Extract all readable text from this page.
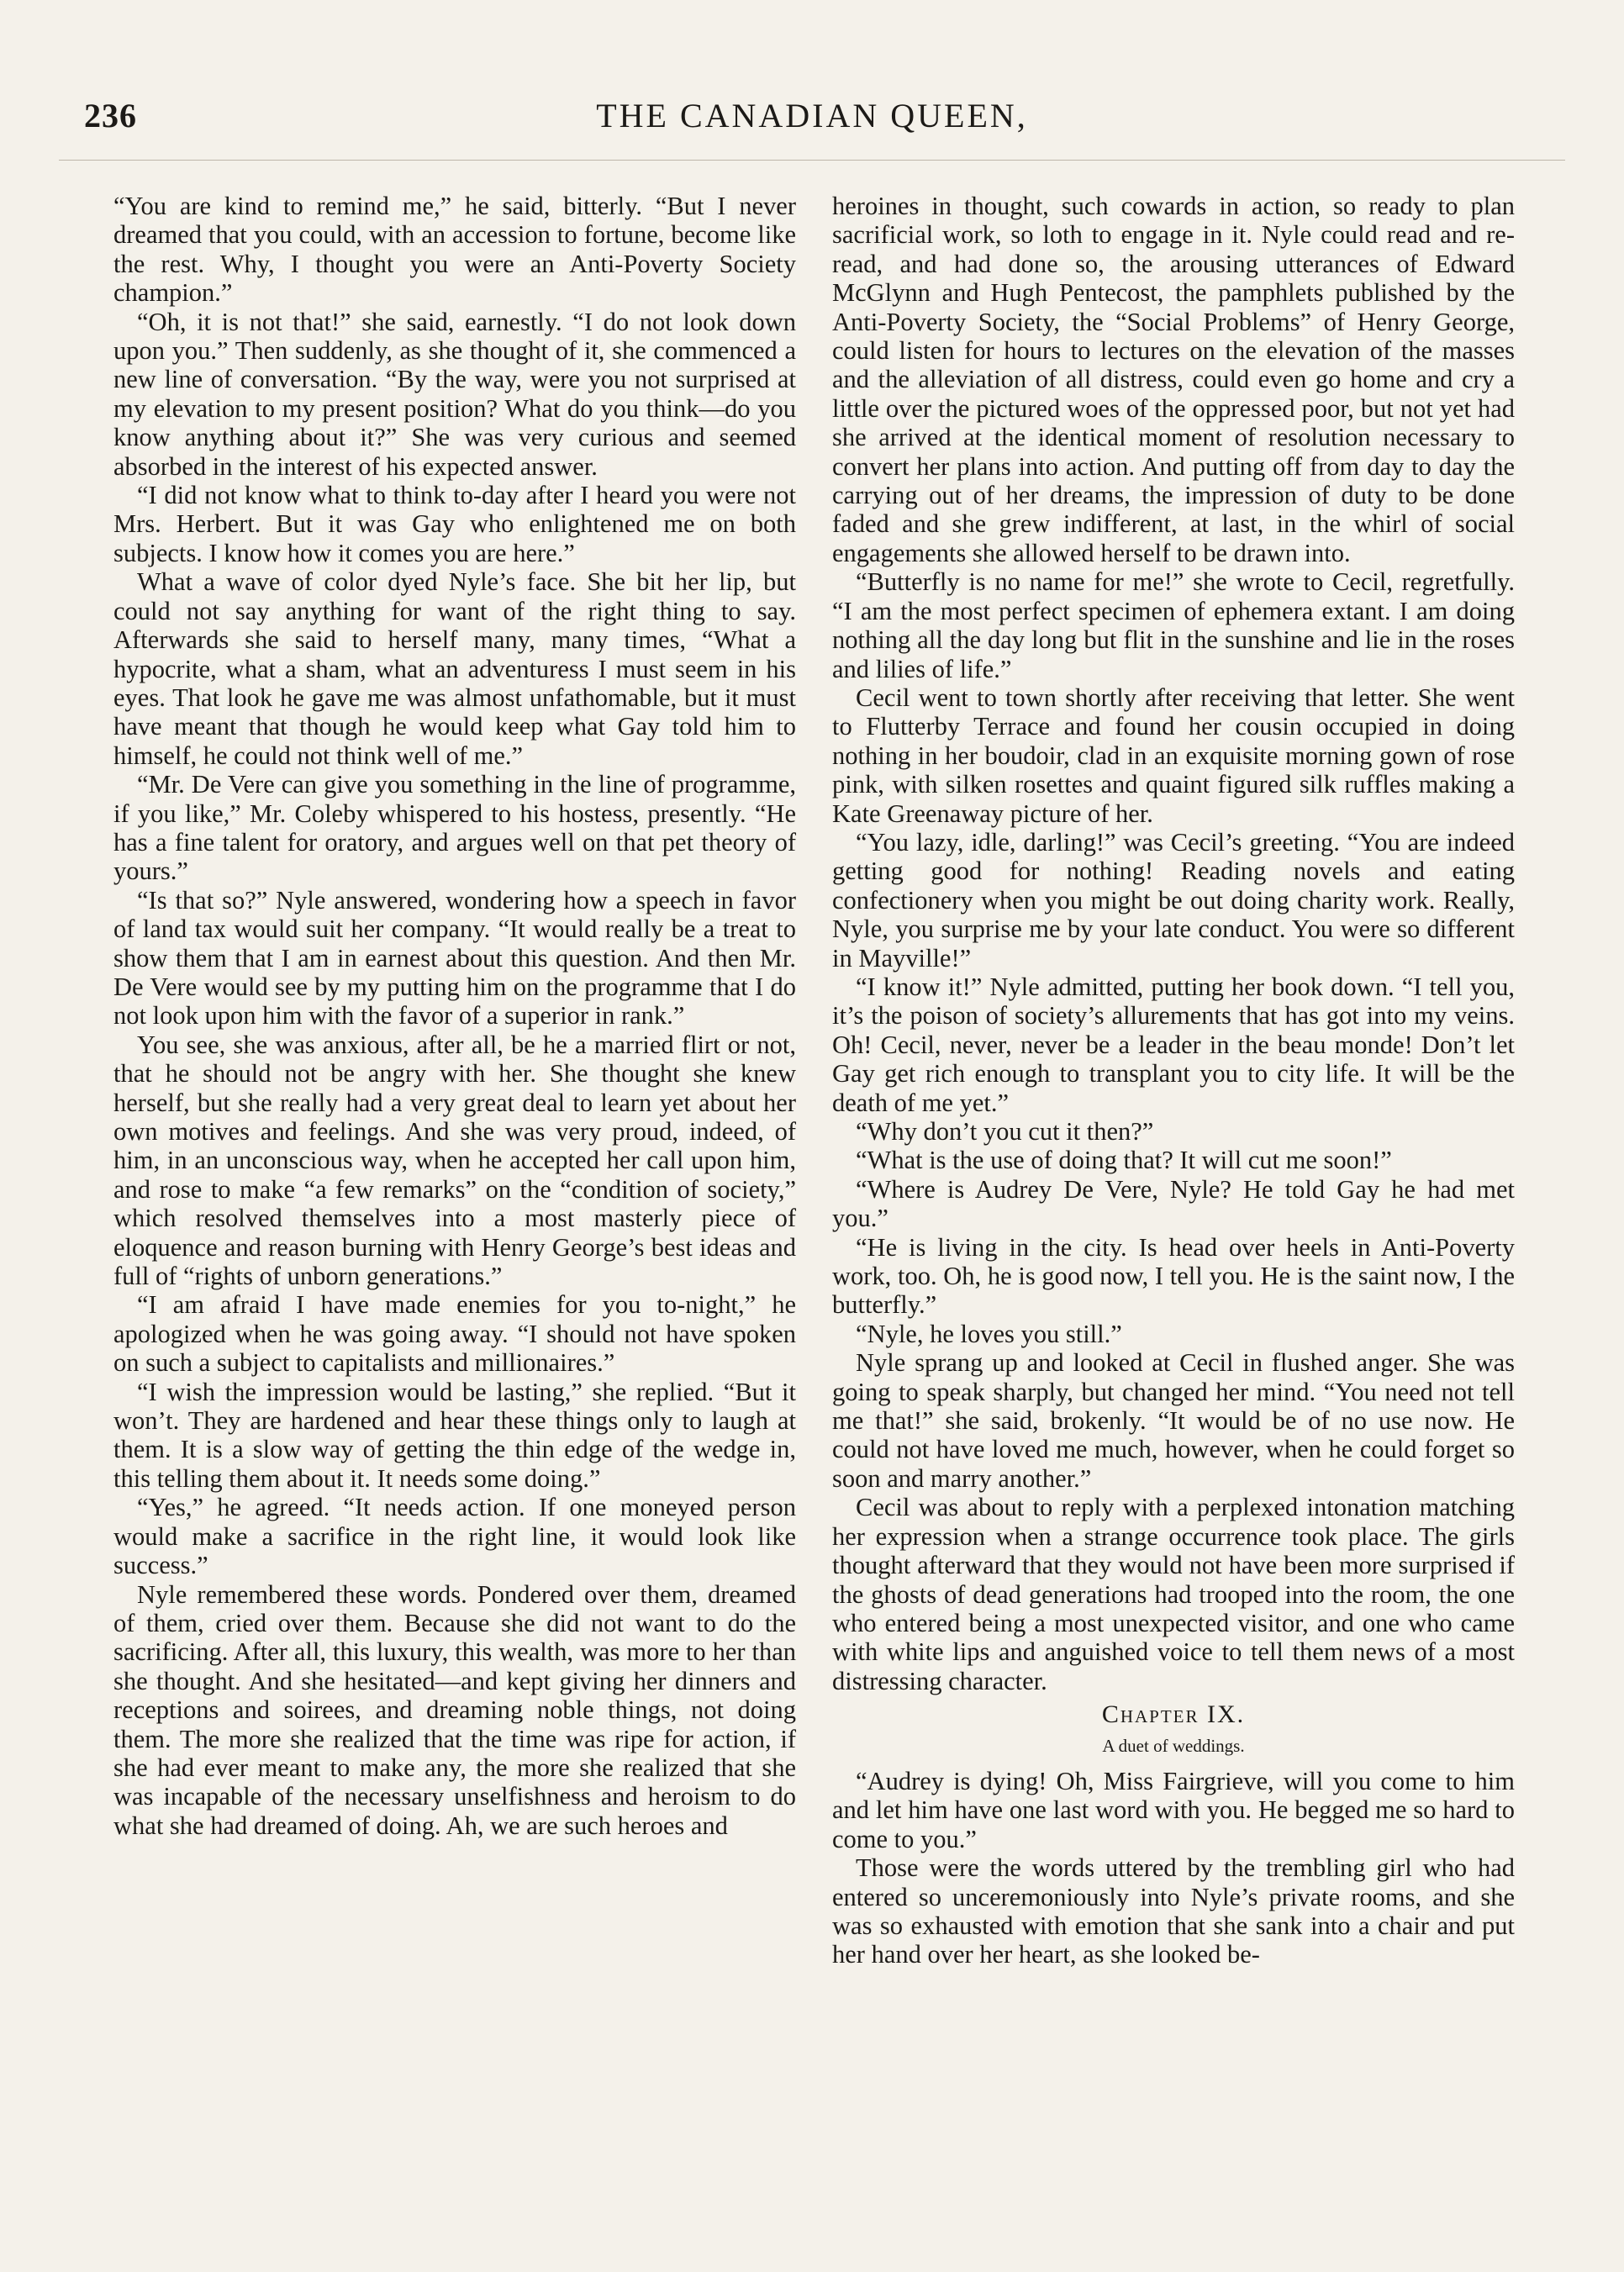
236	THE CANADIAN QUEEN,

“You are kind to remind me,” he said, bitterly. “But I never dreamed that you could, with an accession to fortune, become like the rest. Why, I thought you were an Anti-Poverty Society champion.”

“Oh, it is not that!” she said, earnestly. “I do not look down upon you.” Then suddenly, as she thought of it, she commenced a new line of conversation. “By the way, were you not surprised at my elevation to my present position? What do you think—do you know anything about it?” She was very curious and seemed absorbed in the interest of his expected answer.

“I did not know what to think to-day after I heard you were not Mrs. Herbert. But it was Gay who enlightened me on both subjects. I know how it comes you are here.”

What a wave of color dyed Nyle’s face. She bit her lip, but could not say anything for want of the right thing to say. Afterwards she said to herself many, many times, “What a hypocrite, what a sham, what an adventuress I must seem in his eyes. That look he gave me was almost unfathomable, but it must have meant that though he would keep what Gay told him to himself, he could not think well of me.”

“Mr. De Vere can give you something in the line of programme, if you like,” Mr. Coleby whispered to his hostess, presently. “He has a fine talent for oratory, and argues well on that pet theory of yours.”

“Is that so?” Nyle answered, wondering how a speech in favor of land tax would suit her company. “It would really be a treat to show them that I am in earnest about this question. And then Mr. De Vere would see by my putting him on the programme that I do not look upon him with the favor of a superior in rank.”

You see, she was anxious, after all, be he a married flirt or not, that he should not be angry with her. She thought she knew herself, but she really had a very great deal to learn yet about her own motives and feelings. And she was very proud, indeed, of him, in an unconscious way, when he accepted her call upon him, and rose to make “a few remarks” on the “condition of society,” which resolved themselves into a most masterly piece of eloquence and reason burning with Henry George’s best ideas and full of “rights of unborn generations.”

“I am afraid I have made enemies for you to-night,” he apologized when he was going away. “I should not have spoken on such a subject to capitalists and millionaires.”

“I wish the impression would be lasting,” she replied. “But it won’t. They are hardened and hear these things only to laugh at them. It is a slow way of getting the thin edge of the wedge in, this telling them about it. It needs some doing.”

“Yes,” he agreed. “It needs action. If one moneyed person would make a sacrifice in the right line, it would look like success.”

Nyle remembered these words. Pondered over them, dreamed of them, cried over them. Because she did not want to do the sacrificing. After all, this luxury, this wealth, was more to her than she thought. And she hesitated—and kept giving her dinners and receptions and soirees, and dreaming noble things, not doing them. The more she realized that the time was ripe for action, if she had ever meant to make any, the more she realized that she was incapable of the necessary unselfishness and heroism to do what she had dreamed of doing. Ah, we are such heroes and

heroines in thought, such cowards in action, so ready to plan sacrificial work, so loth to engage in it. Nyle could read and re-read, and had done so, the arousing utterances of Edward McGlynn and Hugh Pentecost, the pamphlets published by the Anti-Poverty Society, the “Social Problems” of Henry George, could listen for hours to lectures on the elevation of the masses and the alleviation of all distress, could even go home and cry a little over the pictured woes of the oppressed poor, but not yet had she arrived at the identical moment of resolution necessary to convert her plans into action. And putting off from day to day the carrying out of her dreams, the impression of duty to be done faded and she grew indifferent, at last, in the whirl of social engagements she allowed herself to be drawn into.

“Butterfly is no name for me!” she wrote to Cecil, regretfully. “I am the most perfect specimen of ephemera extant. I am doing nothing all the day long but flit in the sunshine and lie in the roses and lilies of life.”

Cecil went to town shortly after receiving that letter. She went to Flutterby Terrace and found her cousin occupied in doing nothing in her boudoir, clad in an exquisite morning gown of rose pink, with silken rosettes and quaint figured silk ruffles making a Kate Greenaway picture of her.

“You lazy, idle, darling!” was Cecil’s greeting. “You are indeed getting good for nothing! Reading novels and eating confectionery when you might be out doing charity work. Really, Nyle, you surprise me by your late conduct. You were so different in Mayville!”

“I know it!” Nyle admitted, putting her book down. “I tell you, it’s the poison of society’s allurements that has got into my veins. Oh! Cecil, never, never be a leader in the beau monde! Don’t let Gay get rich enough to transplant you to city life. It will be the death of me yet.”

“Why don’t you cut it then?”

“What is the use of doing that? It will cut me soon!”

“Where is Audrey De Vere, Nyle? He told Gay he had met you.”

“He is living in the city. Is head over heels in Anti-Poverty work, too. Oh, he is good now, I tell you. He is the saint now, I the butterfly.”

“Nyle, he loves you still.”

Nyle sprang up and looked at Cecil in flushed anger. She was going to speak sharply, but changed her mind. “You need not tell me that!” she said, brokenly. “It would be of no use now. He could not have loved me much, however, when he could forget so soon and marry another.”

Cecil was about to reply with a perplexed intonation matching her expression when a strange occurrence took place. The girls thought afterward that they would not have been more surprised if the ghosts of dead generations had trooped into the room, the one who entered being a most unexpected visitor, and one who came with white lips and anguished voice to tell them news of a most distressing character.

Chapter IX.
A duet of weddings.

“Audrey is dying! Oh, Miss Fairgrieve, will you come to him and let him have one last word with you. He begged me so hard to come to you.”

Those were the words uttered by the trembling girl who had entered so unceremoniously into Nyle’s private rooms, and she was so exhausted with emotion that she sank into a chair and put her hand over her heart, as she looked be-
